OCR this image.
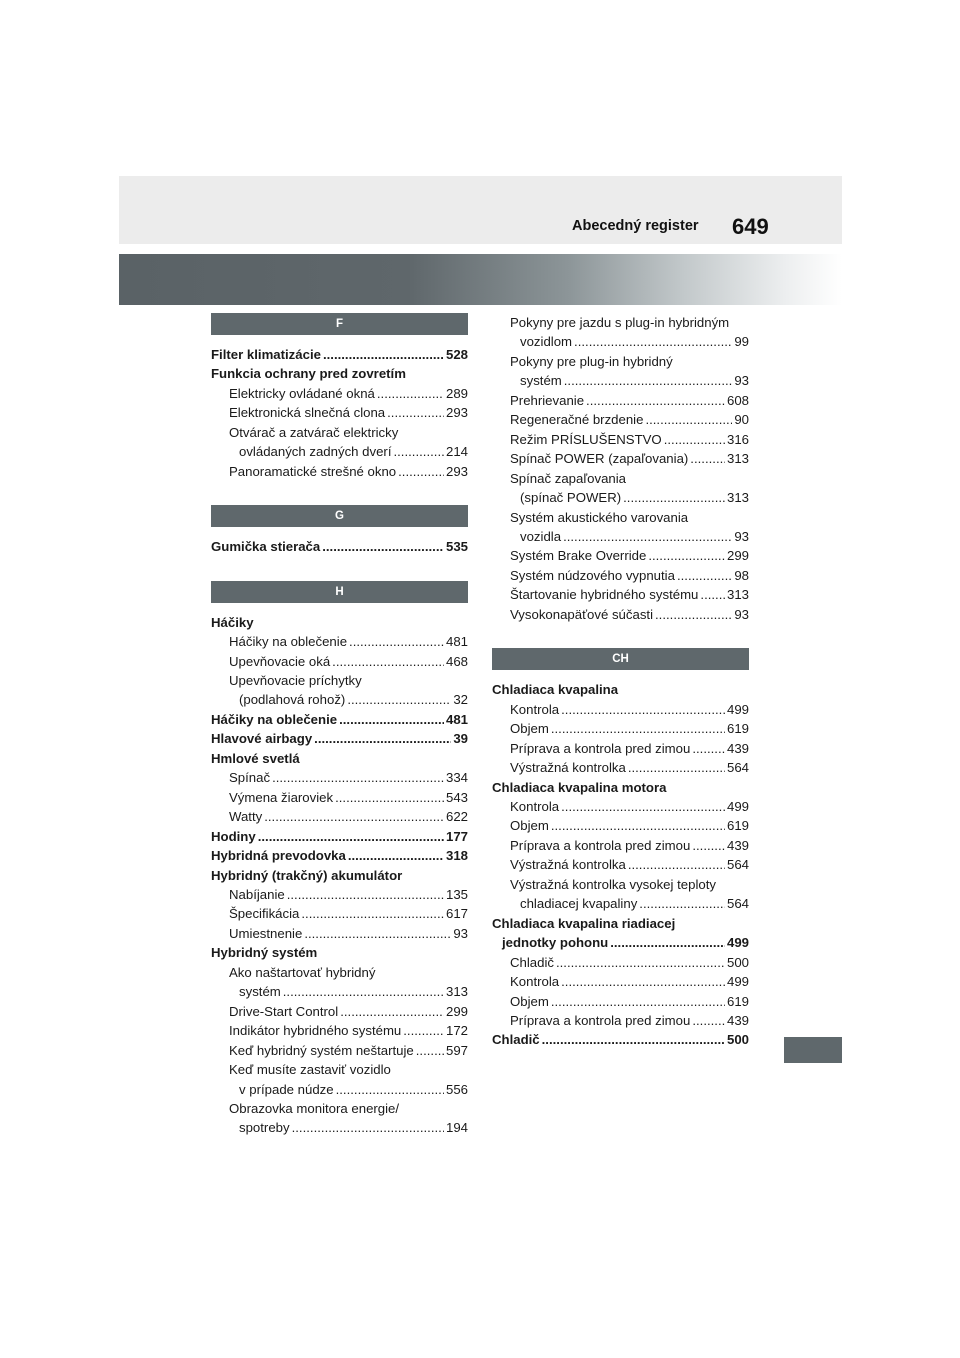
Abecedný register 649
F
Filter klimatizácie .....	528
Funkcia ochrany pred zovretím
Elektricky ovládané okná .....	289
Elektronická slnečná clona .....	293
Otvárač a zatvárač elektricky
ovládaných zadných dverí .....	214
Panoramatické strešné okno .....	293
G
Gumička stierača .....	535
H
Háčiky
Háčiky na oblečenie .....	481
Upevňovacie oká .....	468
Upevňovacie príchytky
(podlahová rohož) .....	32
Háčiky na oblečenie .....	481
Hlavové airbagy .....	39
Hmlové svetlá
Spínač .....	334
Výmena žiaroviek .....	543
Watty .....	622
Hodiny .....	177
Hybridná prevodovka .....	318
Hybridný (trakčný) akumulátor
Nabíjanie .....	135
Špecifikácia .....	617
Umiestnenie .....	93
Hybridný systém
Ako naštartovať hybridný
systém .....	313
Drive-Start Control .....	299
Indikátor hybridného systému .....	172
Keď hybridný systém neštartuje ..... 597
Keď musíte zastaviť vozidlo
v prípade núdze .....	556
Obrazovka monitora energie/
spotreby .....	194
Pokyny pre jazdu s plug-in hybridným
vozidlom .....	99
Pokyny pre plug-in hybridný
systém .....	93
Prehrievanie .....	608
Regeneračné brzdenie .....	90
Režim PRÍSLUŠENSTVO .....	316
Spínač POWER (zapaľovania) .....	313
Spínač zapaľovania
(spínač POWER) .....	313
Systém akustického varovania
vozidla .....	93
Systém Brake Override .....	299
Systém núdzového vypnutia .....	98
Štartovanie hybridného systému ..... 313
Vysokonapäťové súčasti .....	93
CH
Chladiaca kvapalina
Kontrola .....	499
Objem .....	619
Príprava a kontrola pred zimou .....	439
Výstražná kontrolka .....	564
Chladiaca kvapalina motora
Kontrola .....	499
Objem .....	619
Príprava a kontrola pred zimou .....	439
Výstražná kontrolka .....	564
Výstražná kontrolka vysokej teploty
chladiacej kvapaliny .....	564
Chladiaca kvapalina riadiacej
jednotky pohonu .....	499
Chladič .....	500
Kontrola .....	499
Objem .....	619
Príprava a kontrola pred zimou .....	439
Chladič .....	500
